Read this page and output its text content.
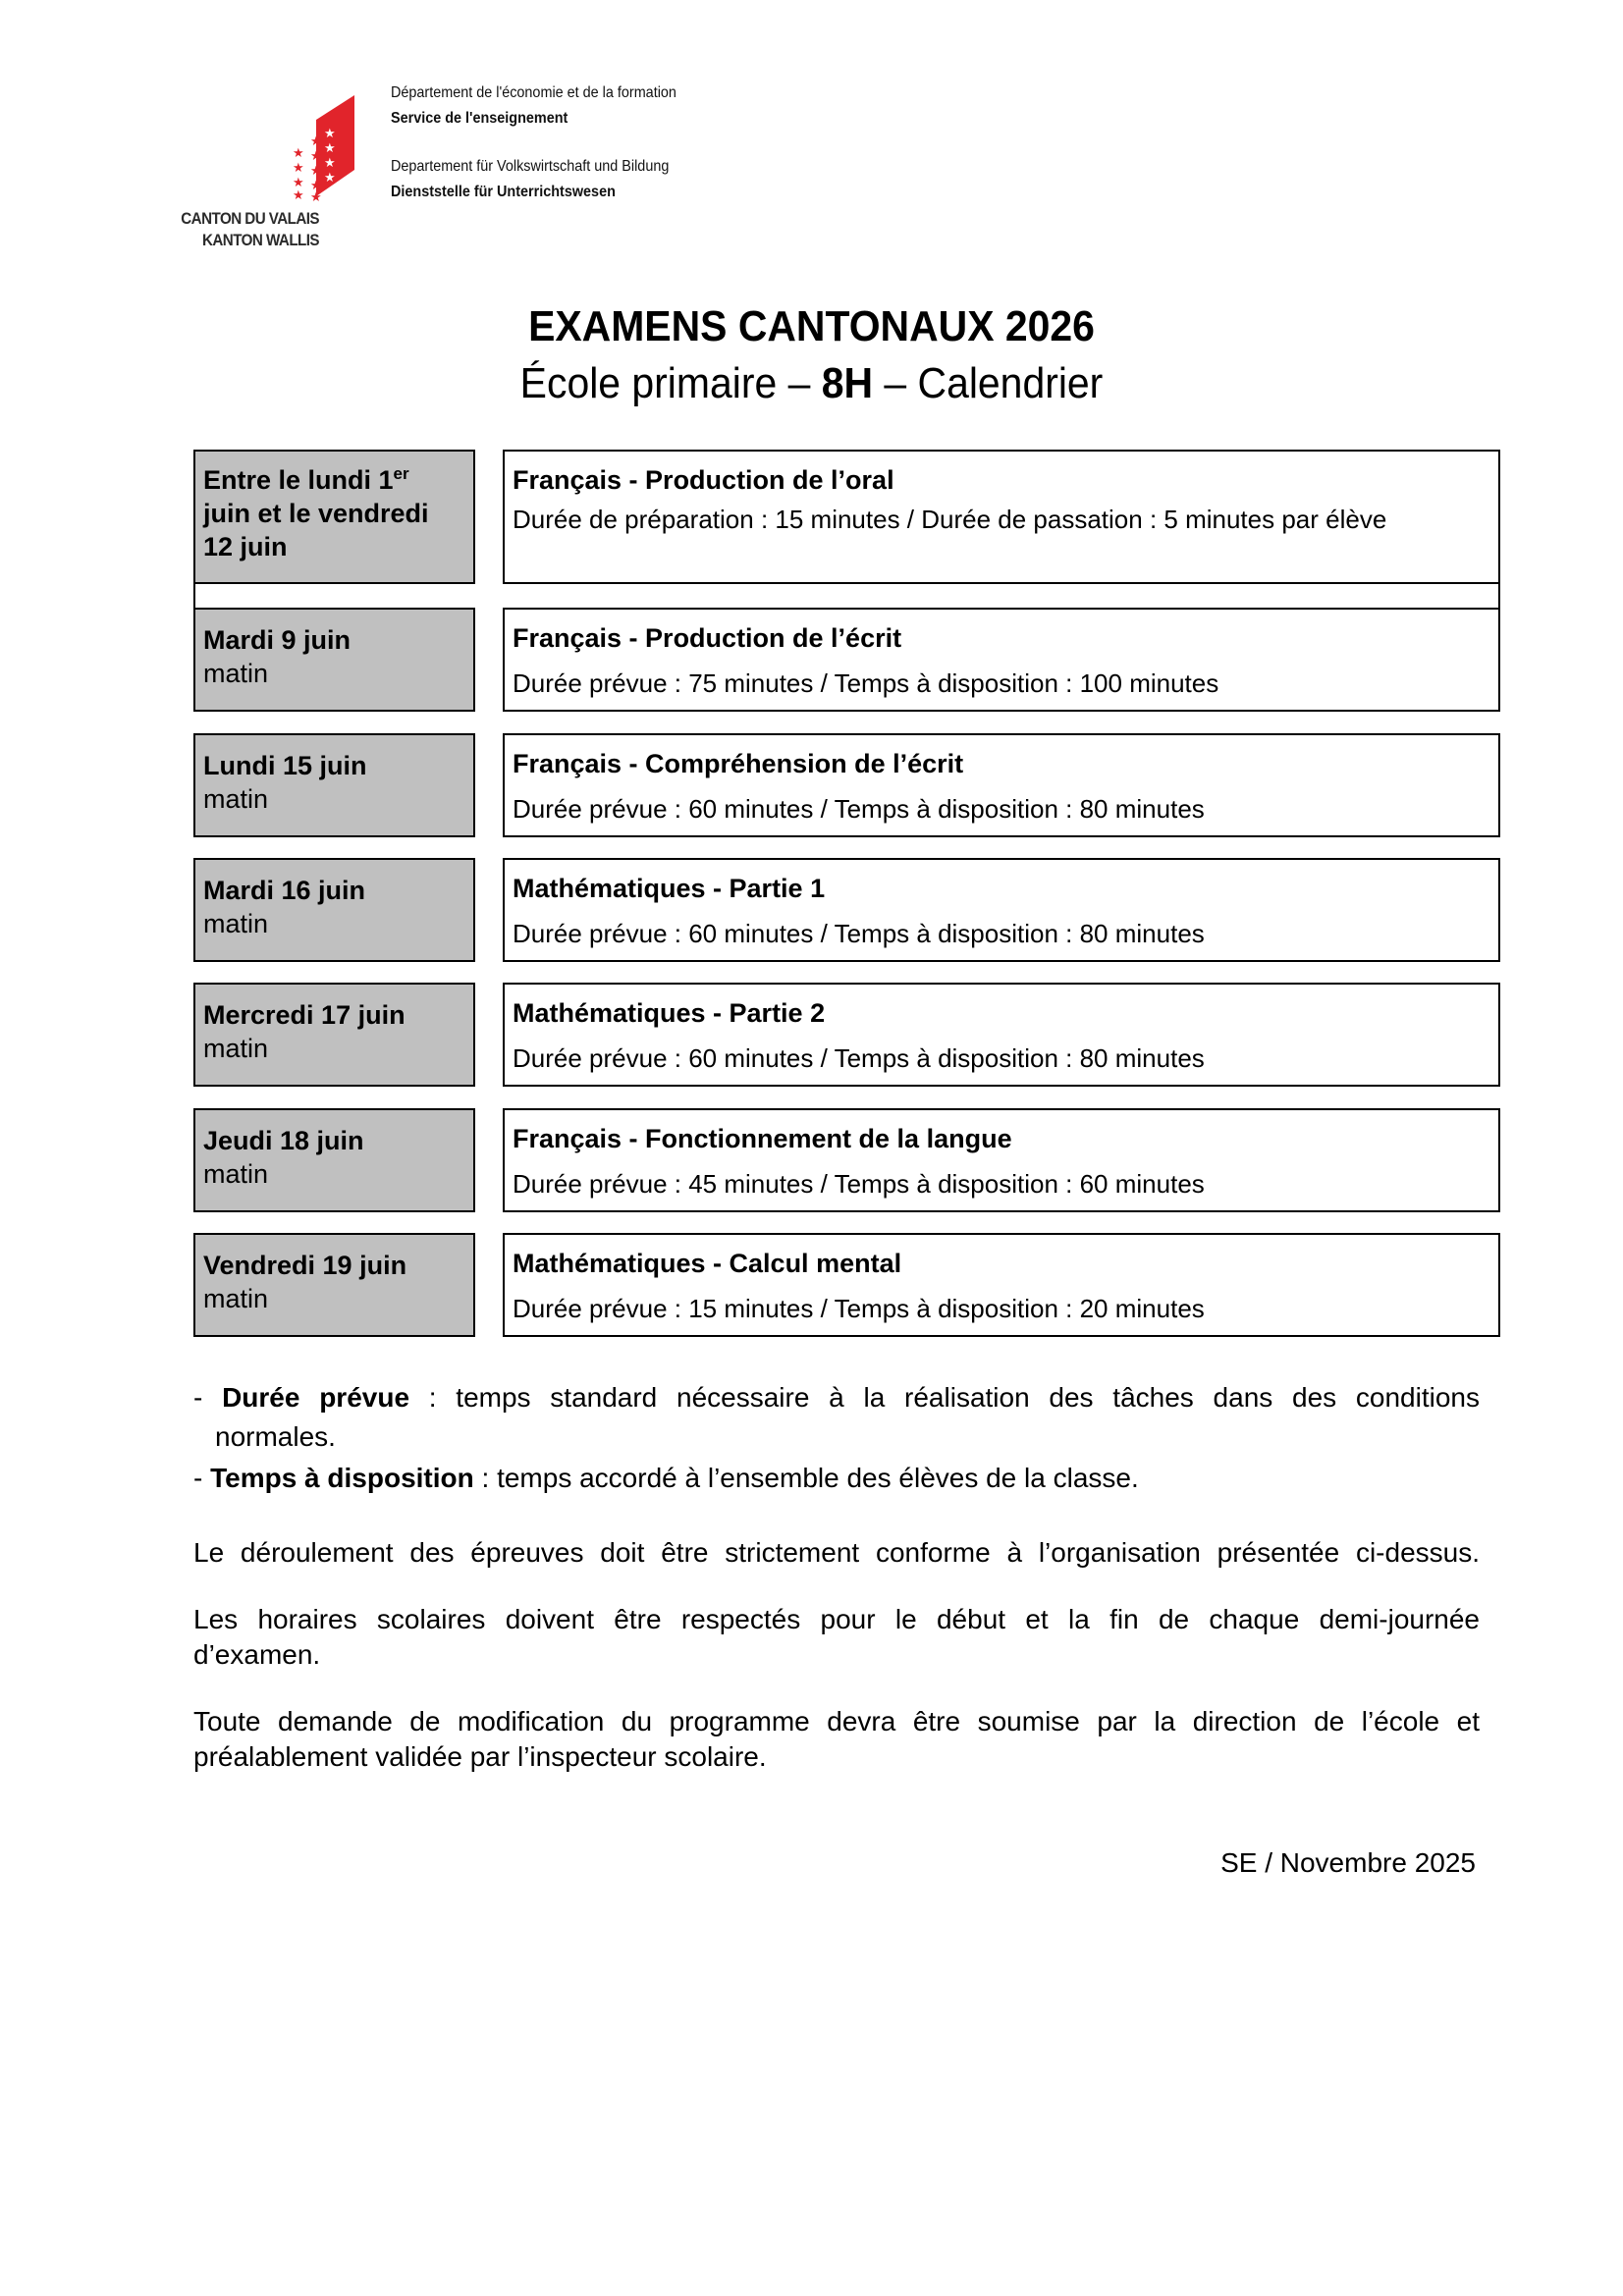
★
★
★
★
★
★
★
★
★
★
★
★
★
CANTON DU VALAIS
KANTON WALLIS
Département de l'économie et de la formation
Service de l'enseignement
Departement für Volkswirtschaft und Bildung
Dienststelle für Unterrichtswesen
EXAMENS CANTONAUX 2026
École primaire – 8H – Calendrier
Entre le lundi 1er
juin et le vendredi
12 juin
Français - Production de l’oral
Durée de préparation : 15 minutes / Durée de passation : 5 minutes par élève
Mardi 9 juin
matin
Français - Production de l’écrit
Durée prévue : 75 minutes / Temps à disposition : 100 minutes
Lundi 15 juin
matin
Français - Compréhension de l’écrit
Durée prévue : 60 minutes / Temps à disposition : 80 minutes
Mardi 16 juin
matin
Mathématiques - Partie 1
Durée prévue : 60 minutes / Temps à disposition : 80 minutes
Mercredi 17 juin
matin
Mathématiques - Partie 2
Durée prévue : 60 minutes / Temps à disposition : 80 minutes
Jeudi 18 juin
matin
Français - Fonctionnement de la langue
Durée prévue : 45 minutes / Temps à disposition : 60 minutes
Vendredi 19 juin
matin
Mathématiques - Calcul mental
Durée prévue : 15 minutes / Temps à disposition : 20 minutes
- Durée prévue : temps standard nécessaire à la réalisation des tâches dans des conditions
normales.
- Temps à disposition : temps accordé à l’ensemble des élèves de la classe.
Le déroulement des épreuves doit être strictement conforme à l’organisation présentée ci-dessus.
Les horaires scolaires doivent être respectés pour le début et la fin de chaque demi-journée
d’examen.
Toute demande de modification du programme devra être soumise par la direction de l’école et
préalablement validée par l’inspecteur scolaire.
SE / Novembre 2025
